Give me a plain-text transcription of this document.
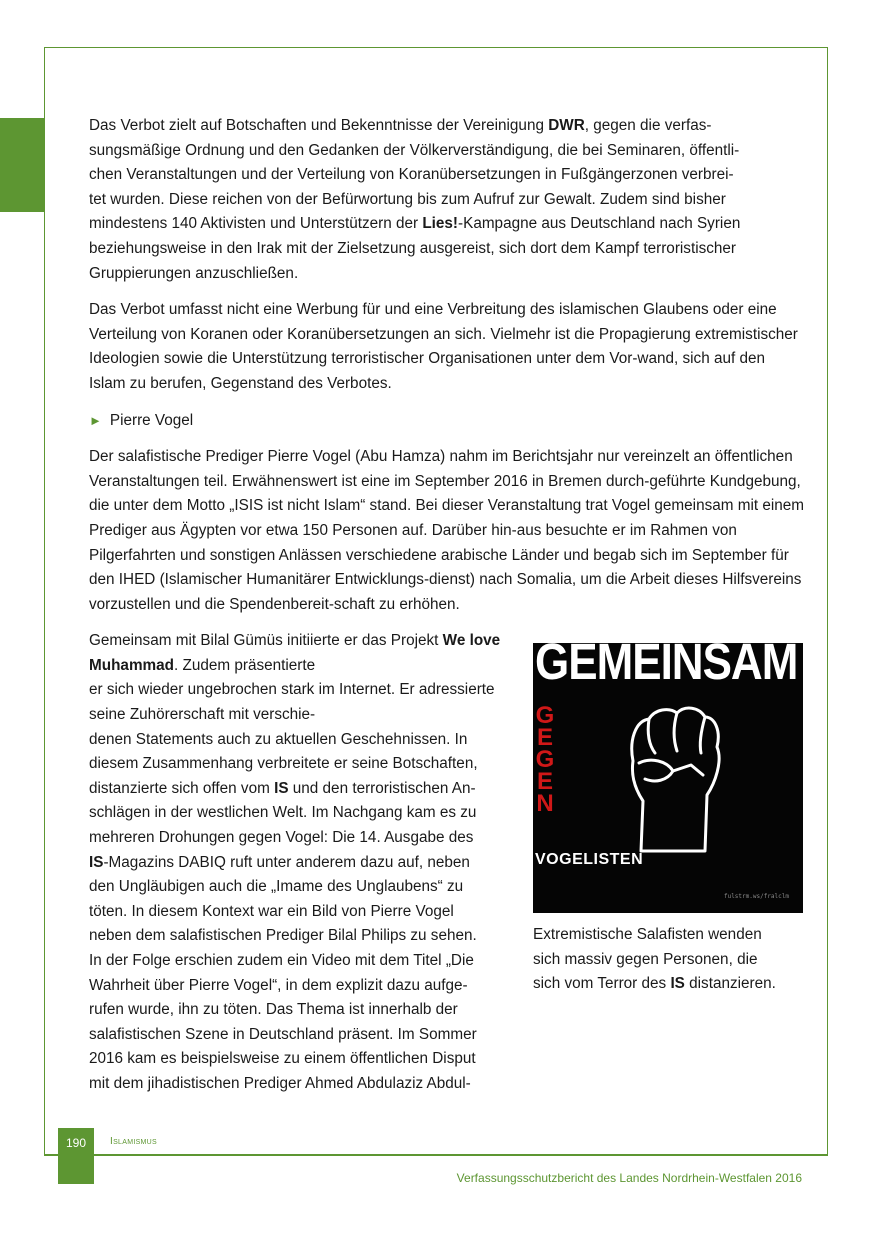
Das Verbot zielt auf Botschaften und Bekenntnisse der Vereinigung DWR, gegen die verfas-
sungsmäßige Ordnung und den Gedanken der Völkerverständigung, die bei Seminaren, öffentli-
chen Veranstaltungen und der Verteilung von Koranübersetzungen in Fußgängerzonen verbrei-
tet wurden. Diese reichen von der Befürwortung bis zum Aufruf zur Gewalt. Zudem sind bisher
mindestens 140 Aktivisten und Unterstützern der Lies!-Kampagne aus Deutschland nach Syrien
beziehungsweise in den Irak mit der Zielsetzung ausgereist, sich dort dem Kampf terroristischer
Gruppierungen anzuschließen.

Das Verbot umfasst nicht eine Werbung für und eine Verbreitung des islamischen Glaubens oder eine Verteilung von Koranen oder Koranübersetzungen an sich. Vielmehr ist die Propagierung extremistischer Ideologien sowie die Unterstützung terroristischer Organisationen unter dem Vor-wand, sich auf den Islam zu berufen, Gegenstand des Verbotes.

► Pierre Vogel

Der salafistische Prediger Pierre Vogel (Abu Hamza) nahm im Berichtsjahr nur vereinzelt an öffentlichen Veranstaltungen teil. Erwähnenswert ist eine im September 2016 in Bremen durch-geführte Kundgebung, die unter dem Motto „ISIS ist nicht Islam“ stand. Bei dieser Veranstaltung trat Vogel gemeinsam mit einem Prediger aus Ägypten vor etwa 150 Personen auf. Darüber hin-aus besuchte er im Rahmen von Pilgerfahrten und sonstigen Anlässen verschiedene arabische Länder und begab sich im September für den IHED (Islamischer Humanitärer Entwicklungs-dienst) nach Somalia, um die Arbeit dieses Hilfsvereins vorzustellen und die Spendenbereit-schaft zu erhöhen.

GEMEINSAM
G
E
G
E
N
VOGELISTEN
fulstrm.ws/fralclm
Extremistische Salafisten wenden
sich massiv gegen Personen, die
sich vom Terror des IS distanzieren.

Gemeinsam mit Bilal Gümüs initiierte er das Projekt We love Muhammad. Zudem präsentierte
er sich wieder ungebrochen stark im Internet. Er adressierte seine Zuhörerschaft mit verschie-
denen Statements auch zu aktuellen Geschehnissen. In
diesem Zusammenhang verbreitete er seine Botschaften,
distanzierte sich offen vom IS und den terroristischen An-
schlägen in der westlichen Welt. Im Nachgang kam es zu
mehreren Drohungen gegen Vogel: Die 14. Ausgabe des
IS-Magazins DABIQ ruft unter anderem dazu auf, neben
den Ungläubigen auch die „Imame des Unglaubens“ zu
töten. In diesem Kontext war ein Bild von Pierre Vogel
neben dem salafistischen Prediger Bilal Philips zu sehen.
In der Folge erschien zudem ein Video mit dem Titel „Die
Wahrheit über Pierre Vogel“, in dem explizit dazu aufge-
rufen wurde, ihn zu töten. Das Thema ist innerhalb der
salafistischen Szene in Deutschland präsent. Im Sommer
2016 kam es beispielsweise zu einem öffentlichen Disput
mit dem jihadistischen Prediger Ahmed Abdulaziz Abdul-

190	Islamismus
Verfassungsschutzbericht des Landes Nordrhein-Westfalen 2016
